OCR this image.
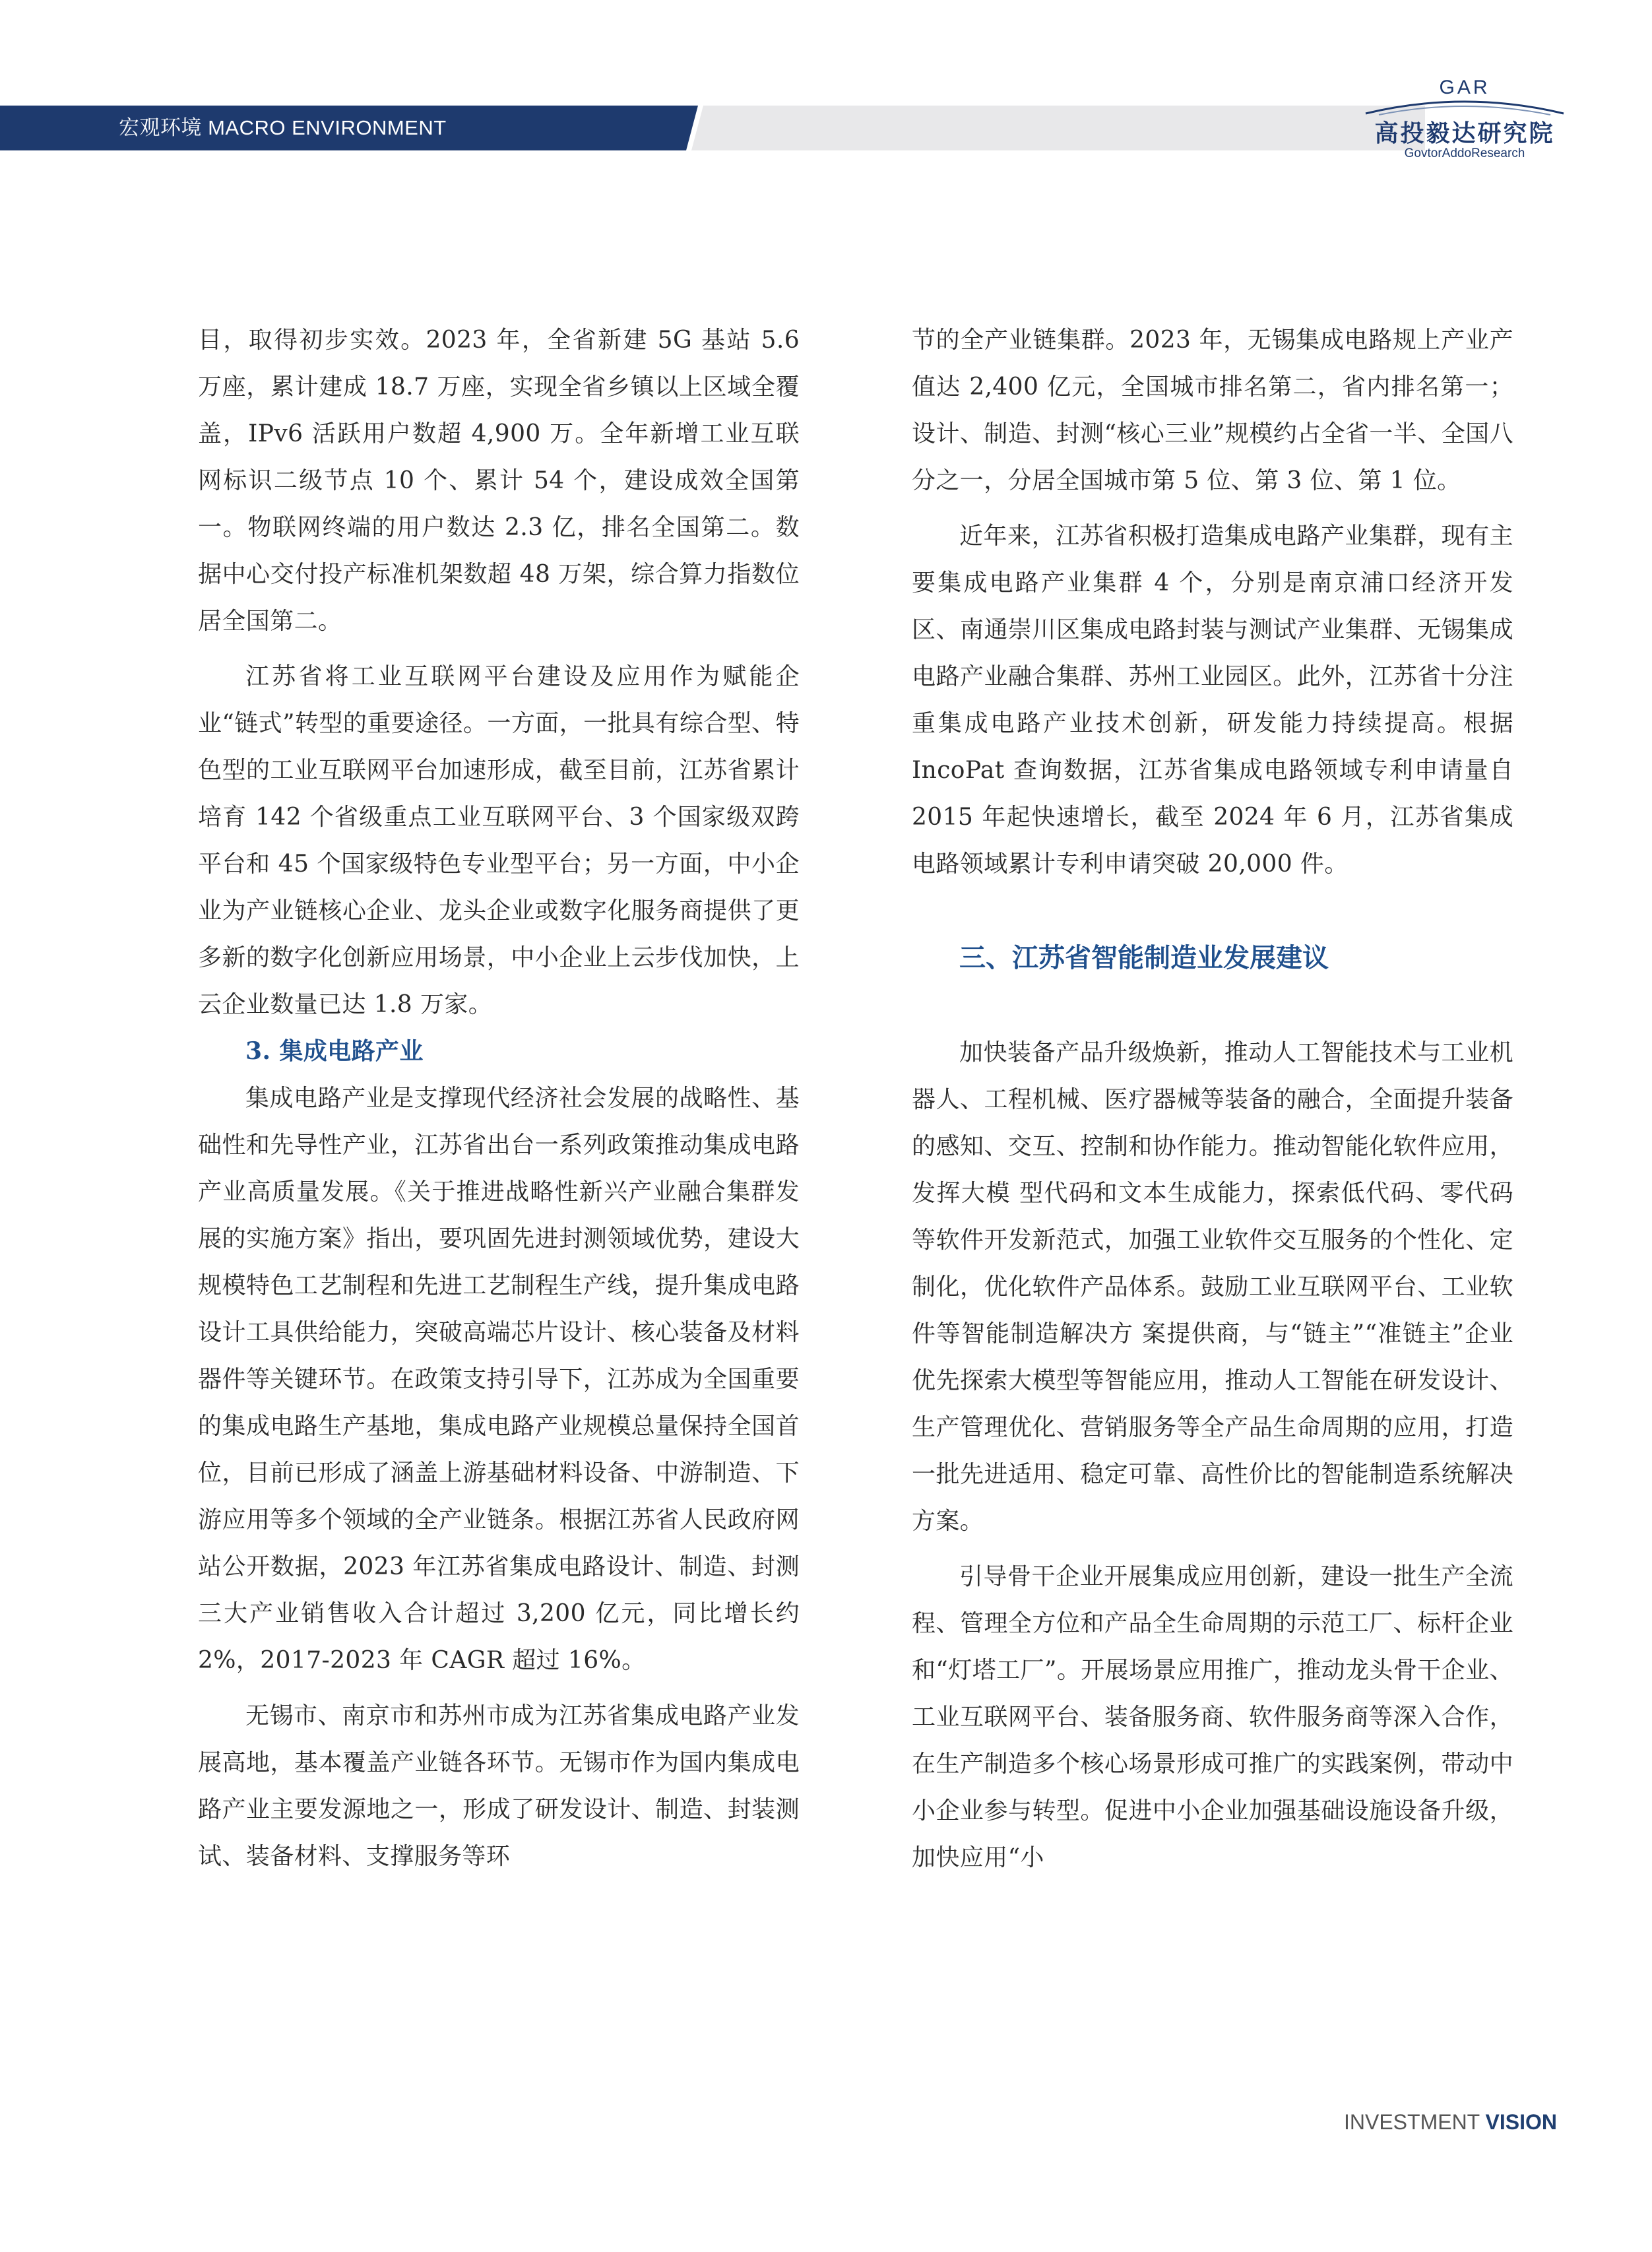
宏观环境 MACRO ENVIRONMENT
GAR
高投毅达研究院
GovtorAddoResearch

目，取得初步实效。2023 年，全省新建 5G 基站 5.6 万座，累计建成 18.7 万座，实现全省乡镇以上区域全覆盖，IPv6 活跃用户数超 4,900 万。全年新增工业互联网标识二级节点 10 个、累计 54 个，建设成效全国第一。物联网终端的用户数达 2.3 亿，排名全国第二。数据中心交付投产标准机架数超 48 万架，综合算力指数位居全国第二。

江苏省将工业互联网平台建设及应用作为赋能企业“链式”转型的重要途径。一方面，一批具有综合型、特色型的工业互联网平台加速形成，截至目前，江苏省累计培育 142 个省级重点工业互联网平台、3 个国家级双跨平台和 45 个国家级特色专业型平台；另一方面，中小企业为产业链核心企业、龙头企业或数字化服务商提供了更多新的数字化创新应用场景，中小企业上云步伐加快，上云企业数量已达 1.8 万家。

3. 集成电路产业

集成电路产业是支撑现代经济社会发展的战略性、基础性和先导性产业，江苏省出台一系列政策推动集成电路产业高质量发展。《关于推进战略性新兴产业融合集群发展的实施方案》指出，要巩固先进封测领域优势，建设大规模特色工艺制程和先进工艺制程生产线，提升集成电路设计工具供给能力，突破高端芯片设计、核心装备及材料器件等关键环节。在政策支持引导下，江苏成为全国重要的集成电路生产基地，集成电路产业规模总量保持全国首位，目前已形成了涵盖上游基础材料设备、中游制造、下游应用等多个领域的全产业链条。根据江苏省人民政府网站公开数据，2023 年江苏省集成电路设计、制造、封测三大产业销售收入合计超过 3,200 亿元，同比增长约 2%，2017-2023 年 CAGR 超过 16%。

无锡市、南京市和苏州市成为江苏省集成电路产业发展高地，基本覆盖产业链各环节。无锡市作为国内集成电路产业主要发源地之一，形成了研发设计、制造、封装测试、装备材料、支撑服务等环

节的全产业链集群。2023 年，无锡集成电路规上产业产值达 2,400 亿元，全国城市排名第二，省内排名第一；设计、制造、封测“核心三业”规模约占全省一半、全国八分之一，分居全国城市第 5 位、第 3 位、第 1 位。

近年来，江苏省积极打造集成电路产业集群，现有主要集成电路产业集群 4 个，分别是南京浦口经济开发区、南通崇川区集成电路封装与测试产业集群、无锡集成电路产业融合集群、苏州工业园区。此外，江苏省十分注重集成电路产业技术创新，研发能力持续提高。根据 IncoPat 查询数据，江苏省集成电路领域专利申请量自 2015 年起快速增长，截至 2024 年 6 月，江苏省集成电路领域累计专利申请突破 20,000 件。

三、江苏省智能制造业发展建议

加快装备产品升级焕新，推动人工智能技术与工业机器人、工程机械、医疗器械等装备的融合，全面提升装备的感知、交互、控制和协作能力。推动智能化软件应用，发挥大模 型代码和文本生成能力，探索低代码、零代码等软件开发新范式，加强工业软件交互服务的个性化、定制化，优化软件产品体系。鼓励工业互联网平台、工业软件等智能制造解决方 案提供商，与“链主”“准链主”企业优先探索大模型等智能应用，推动人工智能在研发设计、生产管理优化、营销服务等全产品生命周期的应用，打造一批先进适用、稳定可靠、高性价比的智能制造系统解决方案。

引导骨干企业开展集成应用创新，建设一批生产全流程、管理全方位和产品全生命周期的示范工厂、标杆企业和“灯塔工厂”。开展场景应用推广，推动龙头骨干企业、工业互联网平台、装备服务商、软件服务商等深入合作，在生产制造多个核心场景形成可推广的实践案例，带动中小企业参与转型。促进中小企业加强基础设施设备升级，加快应用“小

INVESTMENT VISION
